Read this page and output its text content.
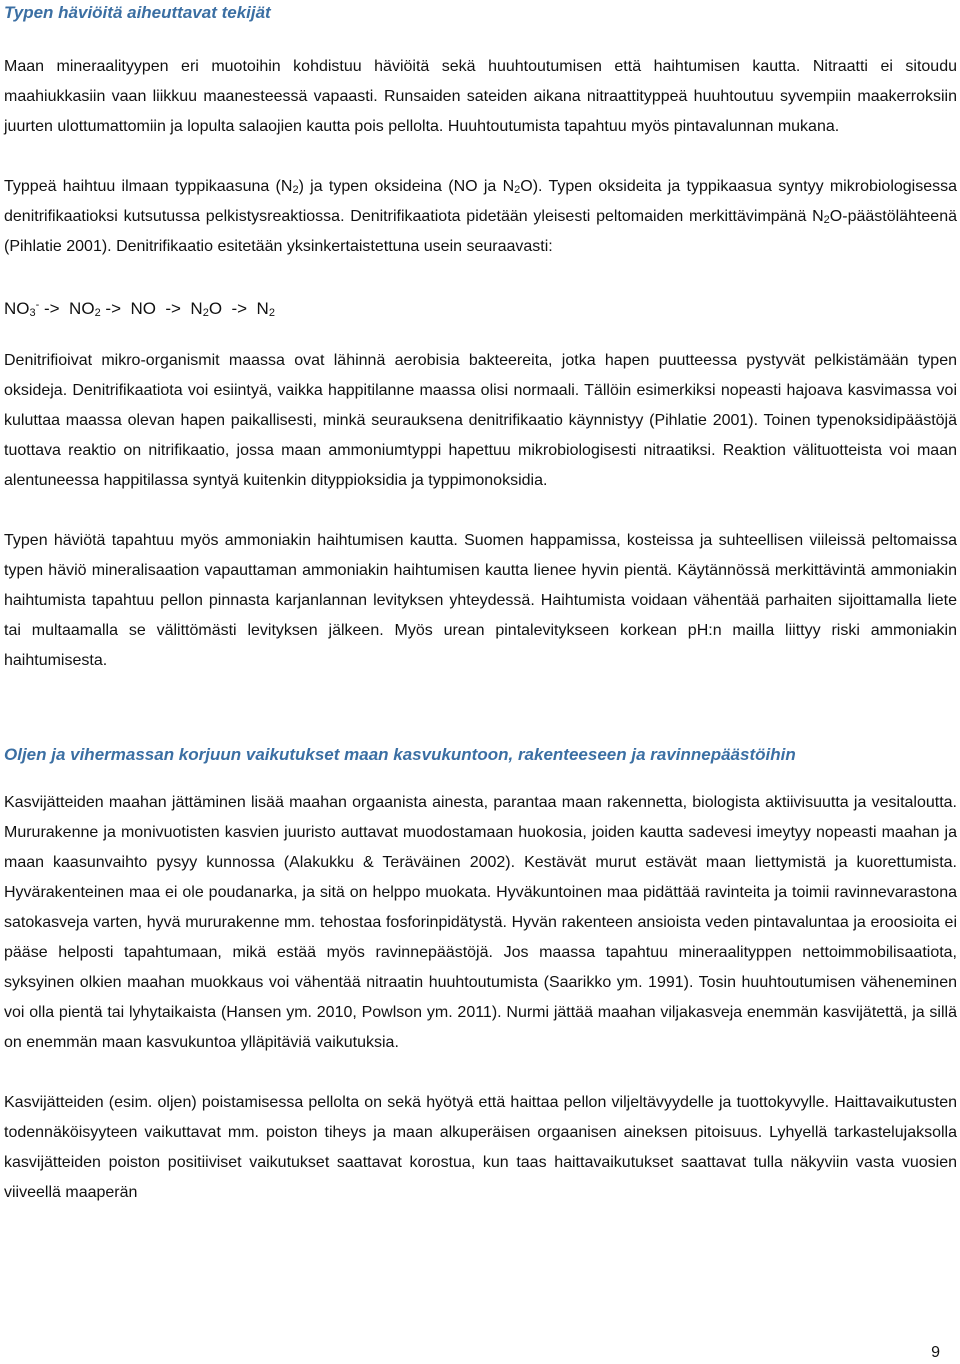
Typen häviöitä aiheuttavat tekijät

Maan mineraalityypen eri muotoihin kohdistuu häviöitä sekä huuhtoutumisen että haihtumisen kautta. Nitraatti ei sitoudu maahiukkasiin vaan liikkuu maanesteessä vapaasti. Runsaiden sateiden aikana nitraattityppeä huuhtoutuu syvempiin maakerroksiin juurten ulottumattomiin ja lopulta salaojien kautta pois pellolta. Huuhtoutumista tapahtuu myös pintavalunnan mukana.

Typpeä haihtuu ilmaan typpikaasuna $(N_2)$ ja typen oksideina (NO ja $N_2O$). Typen oksideita ja typpikaasua syntyy mikrobiologisessa denitrifikaatioksi kutsutussa pelkistysreaktiossa. Denitrifikaatiota pidetään yleisesti peltomaiden merkittävimpänä $N_2O$-päästölähteenä (Pihlatie 2001). Denitrifikaatio esitetään yksinkertaistettuna usein seuraavasti:

$NO_3^- -> NO_2$ ->  NO  ->  $N_2O -> N_2$

Denitrifioivat mikro-organismit maassa ovat lähinnä aerobisia bakteereita, jotka hapen puutteessa pystyvät pelkistämään typen oksideja. Denitrifikaatiota voi esiintyä, vaikka happitilanne maassa olisi normaali. Tällöin esimerkiksi nopeasti hajoava kasvimassa voi kuluttaa maassa olevan hapen paikallisesti, minkä seurauksena denitrifikaatio käynnistyy (Pihlatie 2001). Toinen typenoksidipäästöjä tuottava reaktio on nitrifikaatio, jossa maan ammoniumtyppi hapettuu mikrobiologisesti nitraatiksi. Reaktion välituotteista voi maan alentuneessa happitilassa syntyä kuitenkin dityppioksidia ja typpimonoksidia.

Typen häviötä tapahtuu myös ammoniakin haihtumisen kautta. Suomen happamissa, kosteissa ja suhteellisen viileissä peltomaissa typen häviö mineralisaation vapauttaman ammoniakin haihtumisen kautta lienee hyvin pientä. Käytännössä merkittävintä ammoniakin haihtumista tapahtuu pellon pinnasta karjanlannan levityksen yhteydessä. Haihtumista voidaan vähentää parhaiten sijoittamalla liete tai multaamalla se välittömästi levityksen jälkeen. Myös urean pintalevitykseen korkean pH:n mailla liittyy riski ammoniakin haihtumisesta.

Oljen ja vihermassan korjuun vaikutukset maan kasvukuntoon, rakenteeseen ja ravinnepäästöihin

Kasvijätteiden maahan jättäminen lisää maahan orgaanista ainesta, parantaa maan rakennetta, biologista aktiivisuutta ja vesitaloutta. Mururakenne ja monivuotisten kasvien juuristo auttavat muodostamaan huokosia, joiden kautta sadevesi imeytyy nopeasti maahan ja maan kaasunvaihto pysyy kunnossa (Alakukku & Teräväinen 2002). Kestävät murut estävät maan liettymistä ja kuorettumista. Hyvärakenteinen maa ei ole poudanarka, ja sitä on helppo muokata. Hyväkuntoinen maa pidättää ravinteita ja toimii ravinnevarastona satokasveja varten, hyvä mururakenne mm. tehostaa fosforinpidätystä. Hyvän rakenteen ansioista veden pintavaluntaa ja eroosioita ei pääse helposti tapahtumaan, mikä estää myös ravinnepäästöjä. Jos maassa tapahtuu mineraalityppen nettoimmobilisaatiota, syksyinen olkien maahan muokkaus voi vähentää nitraatin huuhtoutumista (Saarikko ym. 1991). Tosin huuhtoutumisen väheneminen voi olla pientä tai lyhytaikaista (Hansen ym. 2010, Powlson ym. 2011). Nurmi jättää maahan viljakasveja enemmän kasvijätettä, ja sillä on enemmän maan kasvukuntoa ylläpitäviä vaikutuksia.

Kasvijätteiden (esim. oljen) poistamisessa pellolta on sekä hyötyä että haittaa pellon viljeltävyydelle ja tuottokyvylle. Haittavaikutusten todennäköisyyteen vaikuttavat mm. poiston tiheys ja maan alkuperäisen orgaanisen aineksen pitoisuus. Lyhyellä tarkastelujaksolla kasvijätteiden poiston positiiviset vaikutukset saattavat korostua, kun taas haittavaikutukset saattavat tulla näkyviin vasta vuosien viiveellä maaperän

9
